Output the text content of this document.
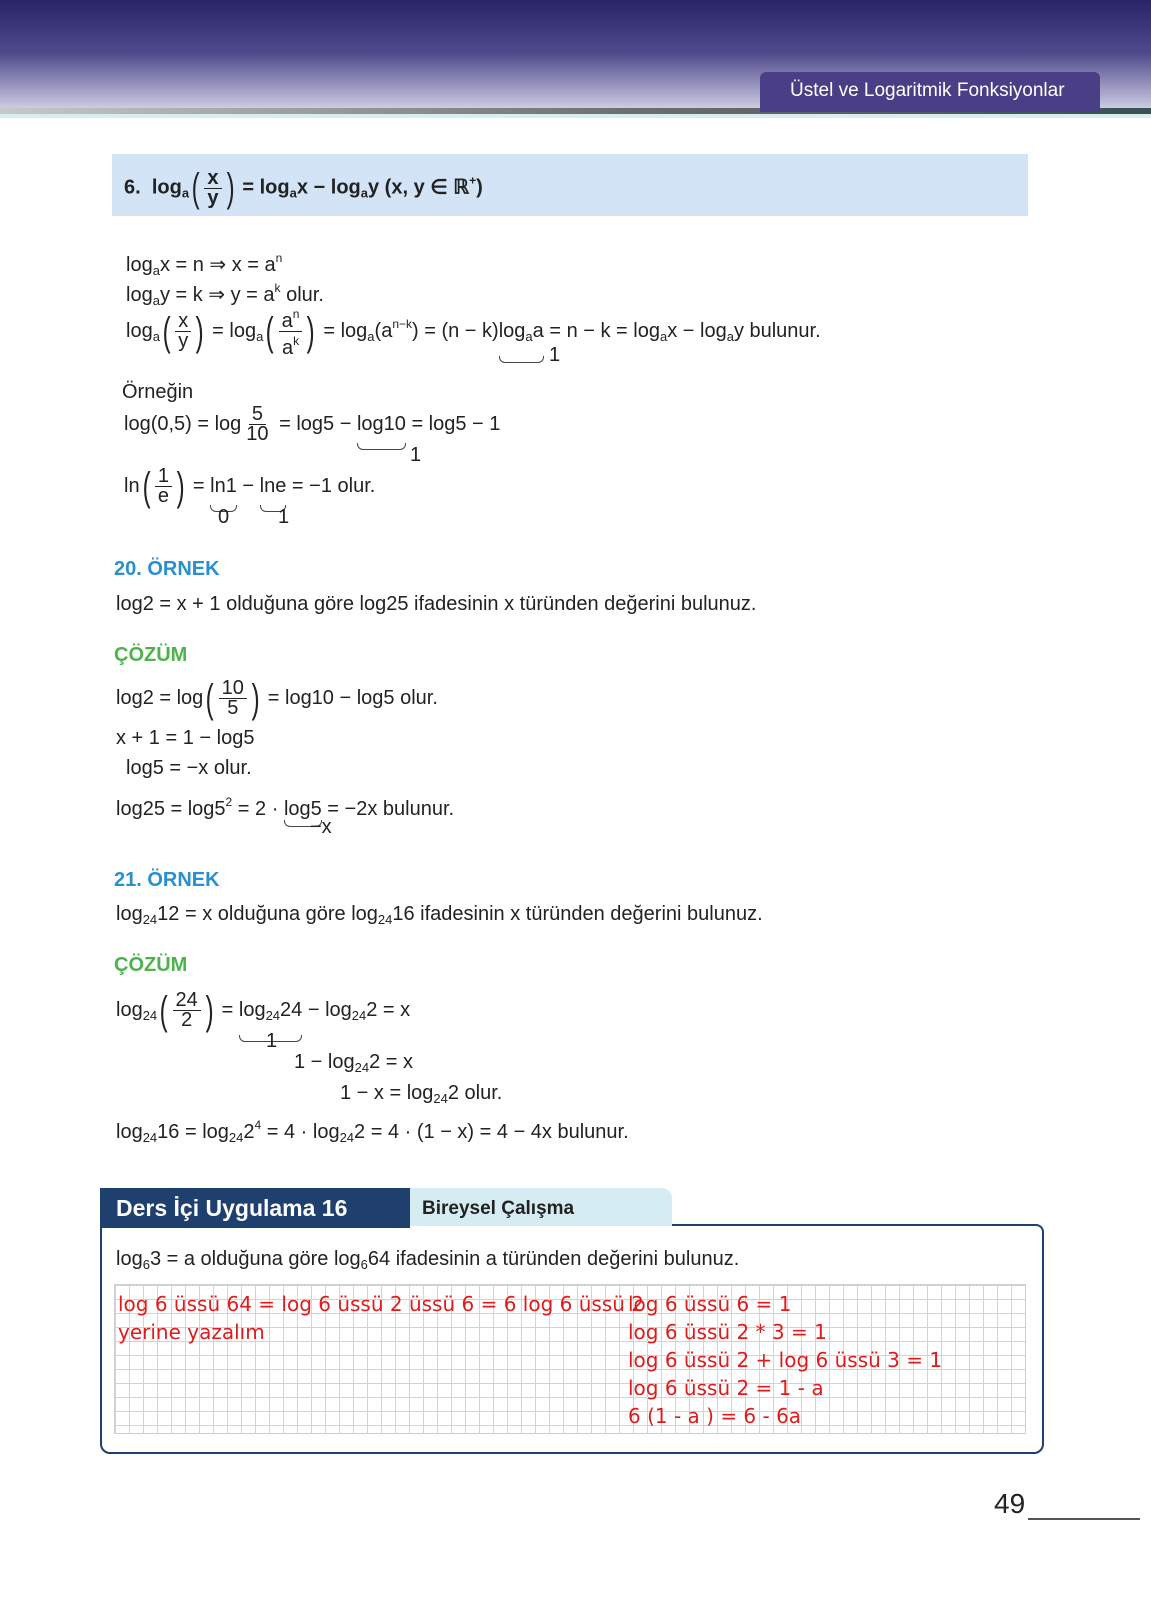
Üstel ve Logaritmik Fonksiyonlar
6. $\log_a( \frac{x}{y}$ ) = $\log_ax - \log_ay$ (x, y ∈ ℝ+)
$\log_ax = n$ ⇒ $x = a^n$
$\log_ay = k$ ⇒ $y = a^k$ olur.
$\log_a( \frac{x}{y}$ ) = $\log_a( \frac{a^n}{a^k}$ ) = $\log_a(a^{n-k}) = (n - k)\log_aa = n - k = \log_ax - \log_ay$ bulunur.
1
Örneğin
$\log(0,5) = \log \frac{5}{10} = \log 5 - \log 10 = \log 5 - 1$
1
$\ln( \frac{1}{e}$ ) = ln1 − lne = −1 olur.
0 1
20. ÖRNEK
log2 = x + 1 olduğuna göre log25 ifadesinin x türünden değerini bulunuz.
ÇÖZÜM
$\log 2 = \log( \frac{10}{5}$ ) = log10 − log5 olur.
x + 1 = 1 − log5
log5 = −x olur.
$\log 25 = \log 5^2 = 2 \cdot \log 5 = -2x$ bulunur.
−x
21. ÖRNEK
$\log_{24}12 = x$ olduğuna göre $\log_{24}16$ ifadesinin x türünden değerini bulunuz.
ÇÖZÜM
$\log_{24}( \frac{24}{2}$ ) = $\log_{24}24 - \log_{24}2 = x$
1
$1 - \log_{24}2 = x$
$1 - x = \log_{24}2$ olur.
$\log_{24}16 = \log_{24}2^4 = 4 \cdot \log_{24}2 = 4 \cdot (1 - x) = 4 - 4x$ bulunur.
Bireysel Çalışma
Ders İçi Uygulama 16
$\log_63 = a$ olduğuna göre $\log_664$ ifadesinin a türünden değerini bulunuz.
log 6 üssü 64 = log 6 üssü 2 üssü 6 = 6 log 6 üssü 2
yerine yazalım
log 6 üssü 6 = 1
log 6 üssü 2 * 3 = 1
log 6 üssü 2 + log 6 üssü 3 = 1
log 6 üssü 2 = 1 - a
6 (1 - a ) = 6 - 6a
49
